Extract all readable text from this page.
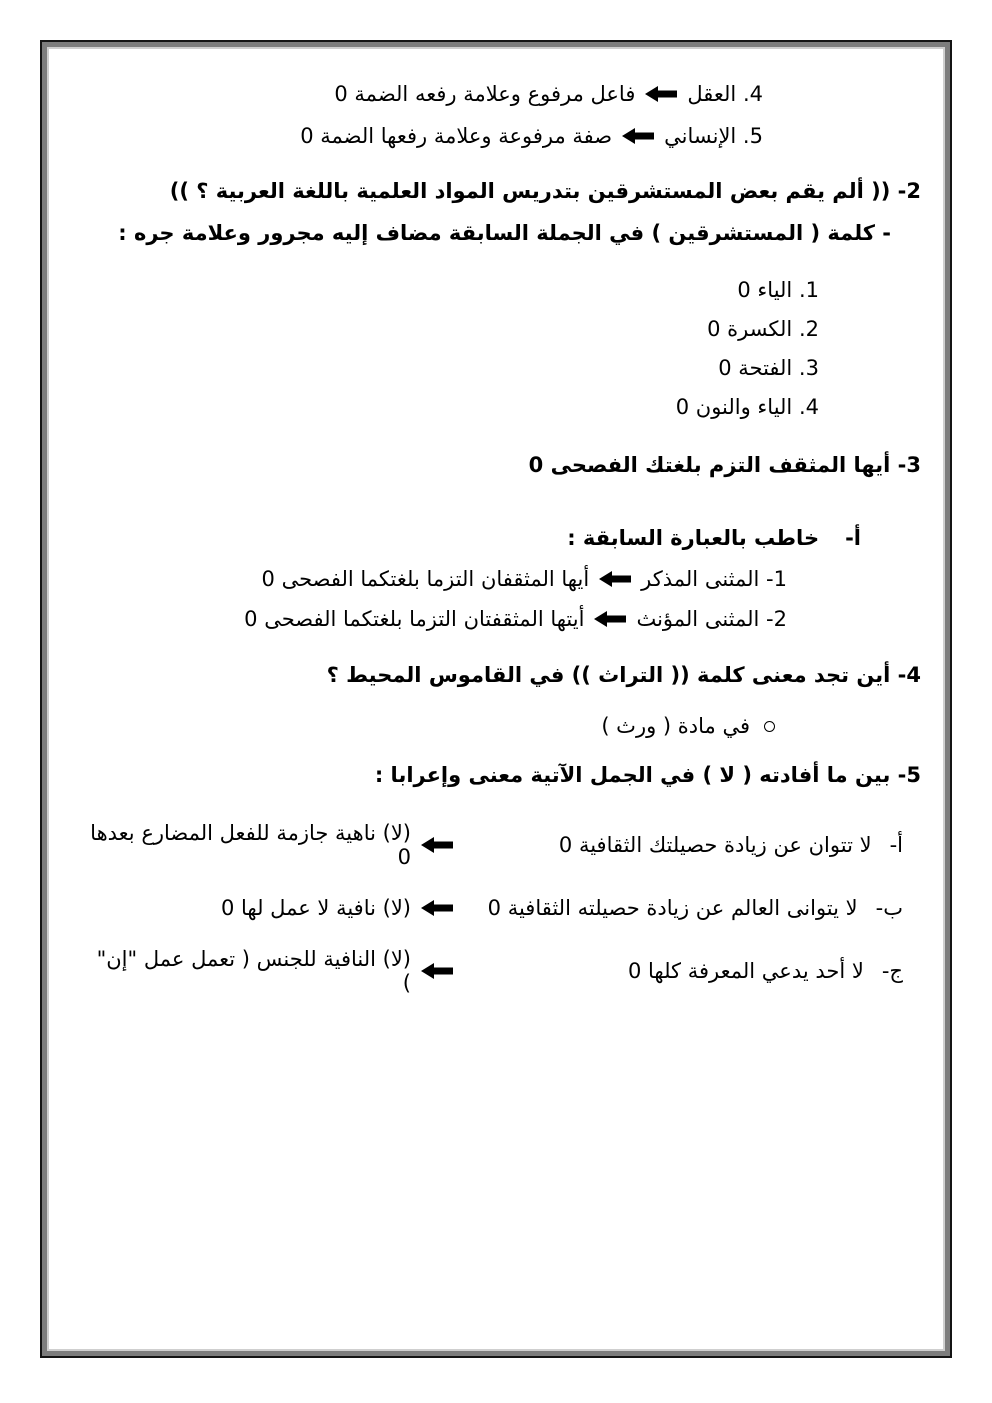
4. العقل
فاعل مرفوع وعلامة رفعه الضمة 0
5. الإنساني
صفة مرفوعة وعلامة رفعها الضمة 0
2- (( ألم يقم بعض المستشرقين بتدريس المواد العلمية باللغة العربية ؟ ))
- كلمة ( المستشرقين ) في الجملة السابقة مضاف إليه مجرور وعلامة جره :
1. الياء 0
2. الكسرة 0
3. الفتحة 0
4. الياء والنون 0
3- أيها المثقف التزم بلغتك الفصحى 0
أ-
خاطب بالعبارة السابقة :
1- المثنى المذكر
أيها المثقفان التزما بلغتكما الفصحى 0
2- المثنى المؤنث
أيتها المثقفتان التزما بلغتكما الفصحى 0
4- أين تجد معنى كلمة (( التراث )) في القاموس المحيط ؟
في مادة ( ورث )
5- بين ما أفادته ( لا ) في الجمل الآتية معنى وإعرابا :
أ-
لا تتوان عن زيادة حصيلتك الثقافية 0
(لا) ناهية جازمة للفعل المضارع بعدها 0
ب-
لا يتوانى العالم عن زيادة حصيلته الثقافية 0
(لا) نافية لا عمل لها 0
ج-
لا أحد يدعي المعرفة كلها 0
(لا) النافية للجنس ( تعمل عمل "إن" )
